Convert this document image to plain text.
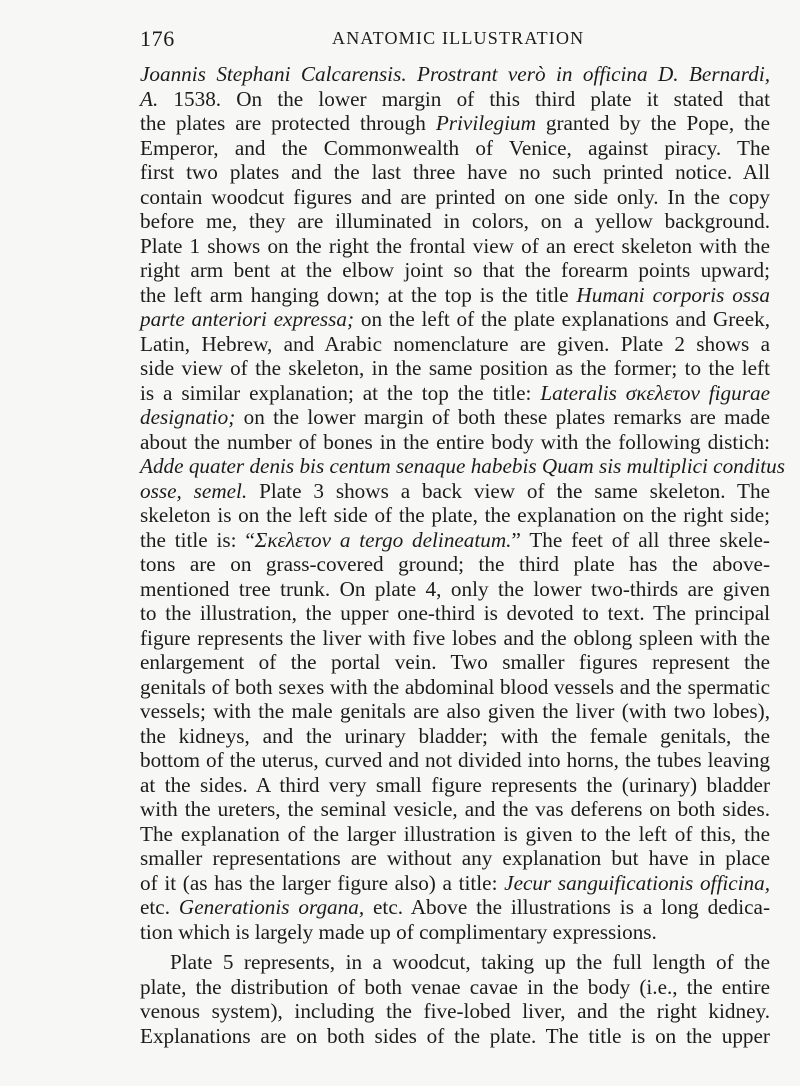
176	ANATOMIC ILLUSTRATION
Joannis Stephani Calcarensis. Prostrant verò in officina D. Bernardi,
A. 1538. On the lower margin of this third plate it stated that
the plates are protected through Privilegium granted by the Pope, the
Emperor, and the Commonwealth of Venice, against piracy. The
first two plates and the last three have no such printed notice. All
contain woodcut figures and are printed on one side only. In the copy
before me, they are illuminated in colors, on a yellow background.
Plate 1 shows on the right the frontal view of an erect skeleton with the
right arm bent at the elbow joint so that the forearm points upward;
the left arm hanging down; at the top is the title Humani corporis ossa
parte anteriori expressa; on the left of the plate explanations and Greek,
Latin, Hebrew, and Arabic nomenclature are given. Plate 2 shows a
side view of the skeleton, in the same position as the former; to the left
is a similar explanation; at the top the title: Lateralis σκελετον figurae
designatio; on the lower margin of both these plates remarks are made
about the number of bones in the entire body with the following distich:
Adde quater denis bis centum senaque habebis Quam sis multiplici conditus
osse, semel. Plate 3 shows a back view of the same skeleton. The
skeleton is on the left side of the plate, the explanation on the right side;
the title is: “Σκελετον a tergo delineatum.” The feet of all three skele-
tons are on grass-covered ground; the third plate has the above-
mentioned tree trunk. On plate 4, only the lower two-thirds are given
to the illustration, the upper one-third is devoted to text. The principal
figure represents the liver with five lobes and the oblong spleen with the
enlargement of the portal vein. Two smaller figures represent the
genitals of both sexes with the abdominal blood vessels and the spermatic
vessels; with the male genitals are also given the liver (with two lobes),
the kidneys, and the urinary bladder; with the female genitals, the
bottom of the uterus, curved and not divided into horns, the tubes leaving
at the sides. A third very small figure represents the (urinary) bladder
with the ureters, the seminal vesicle, and the vas deferens on both sides.
The explanation of the larger illustration is given to the left of this, the
smaller representations are without any explanation but have in place
of it (as has the larger figure also) a title: Jecur sanguificationis officina,
etc. Generationis organa, etc. Above the illustrations is a long dedica-
tion which is largely made up of complimentary expressions.
Plate 5 represents, in a woodcut, taking up the full length of the
plate, the distribution of both venae cavae in the body (i.e., the entire
venous system), including the five-lobed liver, and the right kidney.
Explanations are on both sides of the plate. The title is on the upper
